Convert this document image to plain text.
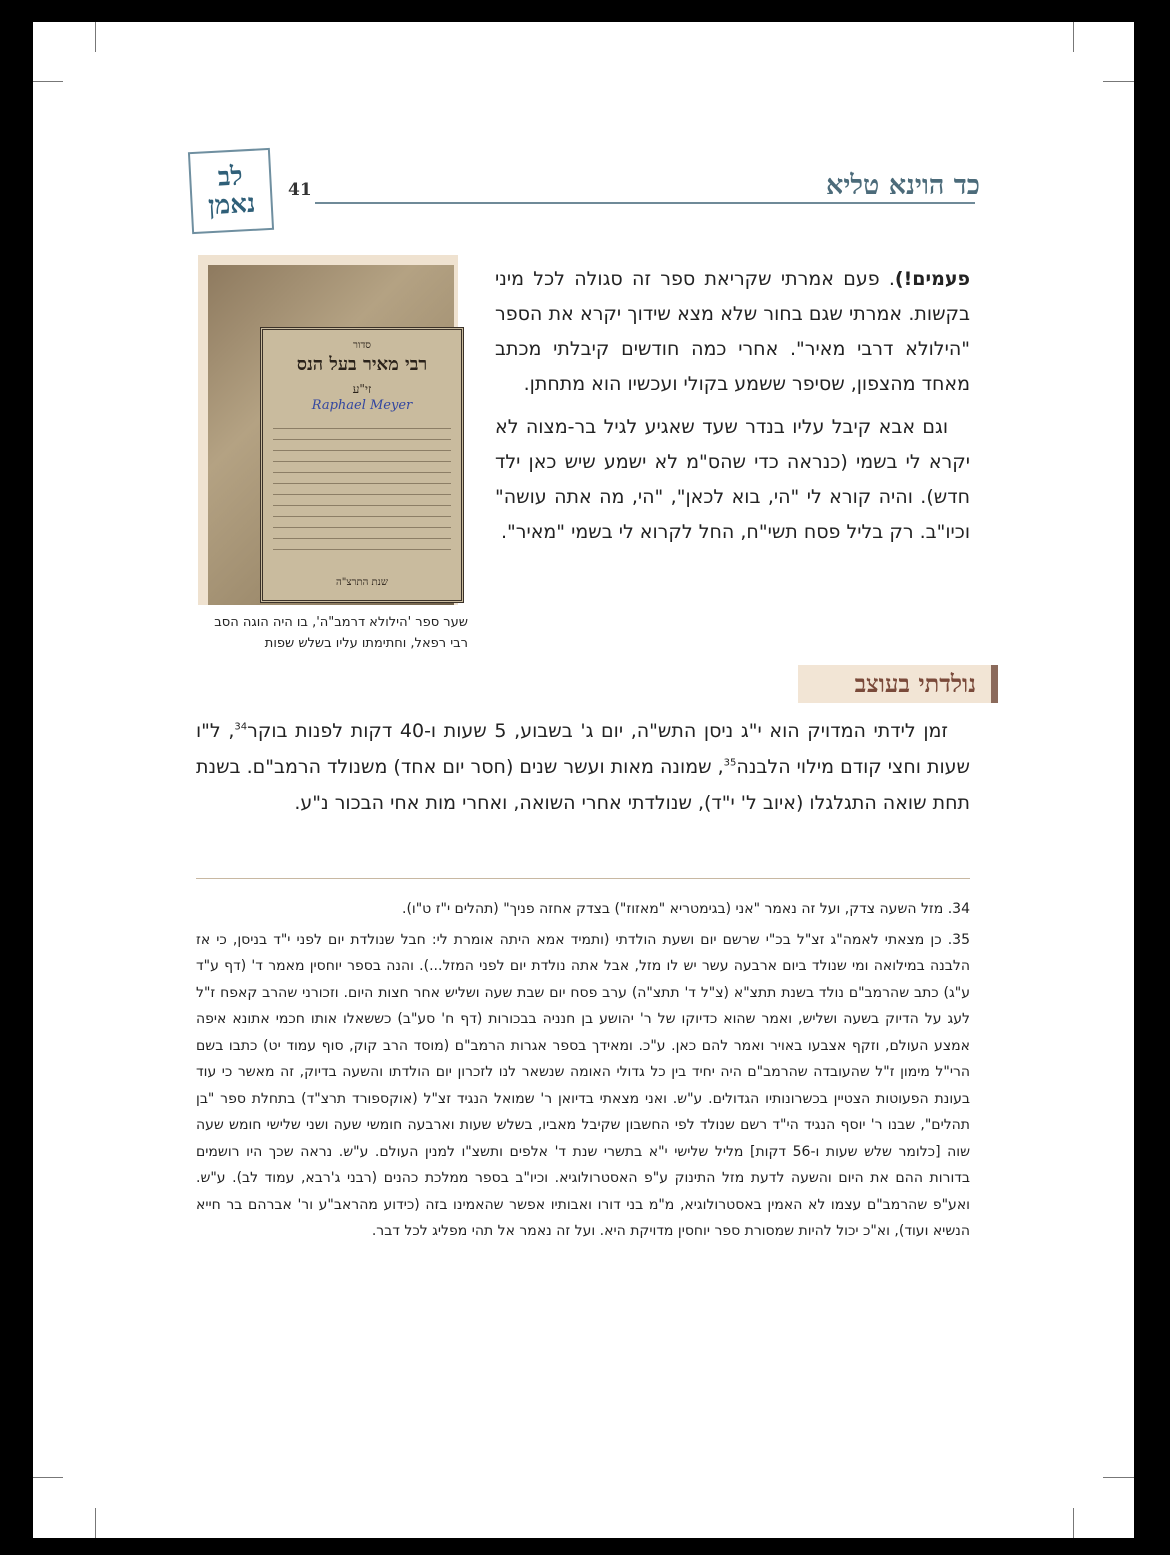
לב
נאמן 41	כד הוינא טליא

פעמים!). פעם אמרתי שקריאת ספר זה סגולה לכל מיני בקשות. אמרתי שגם בחור שלא מצא שידוך יקרא את הספר "הילולא דרבי מאיר". אחרי כמה חודשים קיבלתי מכתב מאחד מהצפון, שסיפר ששמע בקולי ועכשיו הוא מתחתן.

וגם אבא קיבל עליו בנדר שעד שאגיע לגיל בר-מצוה לא יקרא לי בשמי (כנראה כדי שהס"מ לא ישמע שיש כאן ילד חדש). והיה קורא לי "הי, בוא לכאן", "הי, מה אתה עושה" וכיו"ב. רק בליל פסח תשי"ח, החל לקרוא לי בשמי "מאיר".

סדור
רבי מאיר בעל הנס
זי"ע
Raphael Meyer
שנת התרצ"ה
שער ספר 'הילולא דרמב"ה', בו היה הוגה הסב רבי רפאל, וחתימתו עליו בשלש שפות
נולדתי בעוצב

זמן לידתי המדויק הוא י"ג ניסן התש"ה, יום ג' בשבוע, 5 שעות ו-40 דקות לפנות בוקר$^{34}$, ל"ו שעות וחצי קודם מילוי הלבנה$^{35}$, שמונה מאות ועשר שנים (חסר יום אחד) משנולד הרמב"ם. בשנת תחת שואה התגלגלו (איוב ל' י"ד), שנולדתי אחרי השואה, ואחרי מות אחי הבכור נ"ע.

34. מזל השעה צדק, ועל זה נאמר "אני (בגימטריא "מאזוז") בצדק אחזה פניך" (תהלים י"ז ט"ו).

35. כן מצאתי לאמה"ג זצ"ל בכ"י שרשם יום ושעת הולדתי (ותמיד אמא היתה אומרת לי: חבל שנולדת יום לפני י"ד בניסן, כי אז הלבנה במילואה ומי שנולד ביום ארבעה עשר יש לו מזל, אבל אתה נולדת יום לפני המזל...). והנה בספר יוחסין מאמר ד' (דף ע"ד ע"ג) כתב שהרמב"ם נולד בשנת תתצ"א (צ"ל ד' תתצ"ה) ערב פסח יום שבת שעה ושליש אחר חצות היום. וזכורני שהרב קאפח ז"ל לעג על הדיוק בשעה ושליש, ואמר שהוא כדיוקו של ר' יהושע בן חנניה בבכורות (דף ח' סע"ב) כששאלו אותו חכמי אתונא איפה אמצע העולם, וזקף אצבעו באויר ואמר להם כאן. ע"כ. ומאידך בספר אגרות הרמב"ם (מוסד הרב קוק, סוף עמוד יט) כתבו בשם הרי"ל מימון ז"ל שהעובדה שהרמב"ם היה יחיד בין כל גדולי האומה שנשאר לנו לזכרון יום הולדתו והשעה בדיוק, זה מאשר כי עוד בעונת הפעוטות הצטיין בכשרונותיו הגדולים. ע"ש. ואני מצאתי בדיואן ר' שמואל הנגיד זצ"ל (אוקספורד תרצ"ד) בתחלת ספר "בן תהלים", שבנו ר' יוסף הנגיד הי"ד רשם שנולד לפי החשבון שקיבל מאביו, בשלש שעות וארבעה חומשי שעה ושני שלישי חומש שעה שוה [כלומר שלש שעות ו-56 דקות] מליל שלישי י"א בתשרי שנת ד' אלפים ותשצ"ו למנין העולם. ע"ש. נראה שכך היו רושמים בדורות ההם את היום והשעה לדעת מזל התינוק ע"פ האסטרולוגיא. וכיו"ב בספר ממלכת כהנים (רבני ג'רבא, עמוד לב). ע"ש. ואע"פ שהרמב"ם עצמו לא האמין באסטרולוגיא, מ"מ בני דורו ואבותיו אפשר שהאמינו בזה (כידוע מהראב"ע ור' אברהם בר חייא הנשיא ועוד), וא"כ יכול להיות שמסורת ספר יוחסין מדויקת היא. ועל זה נאמר אל תהי מפליג לכל דבר.
